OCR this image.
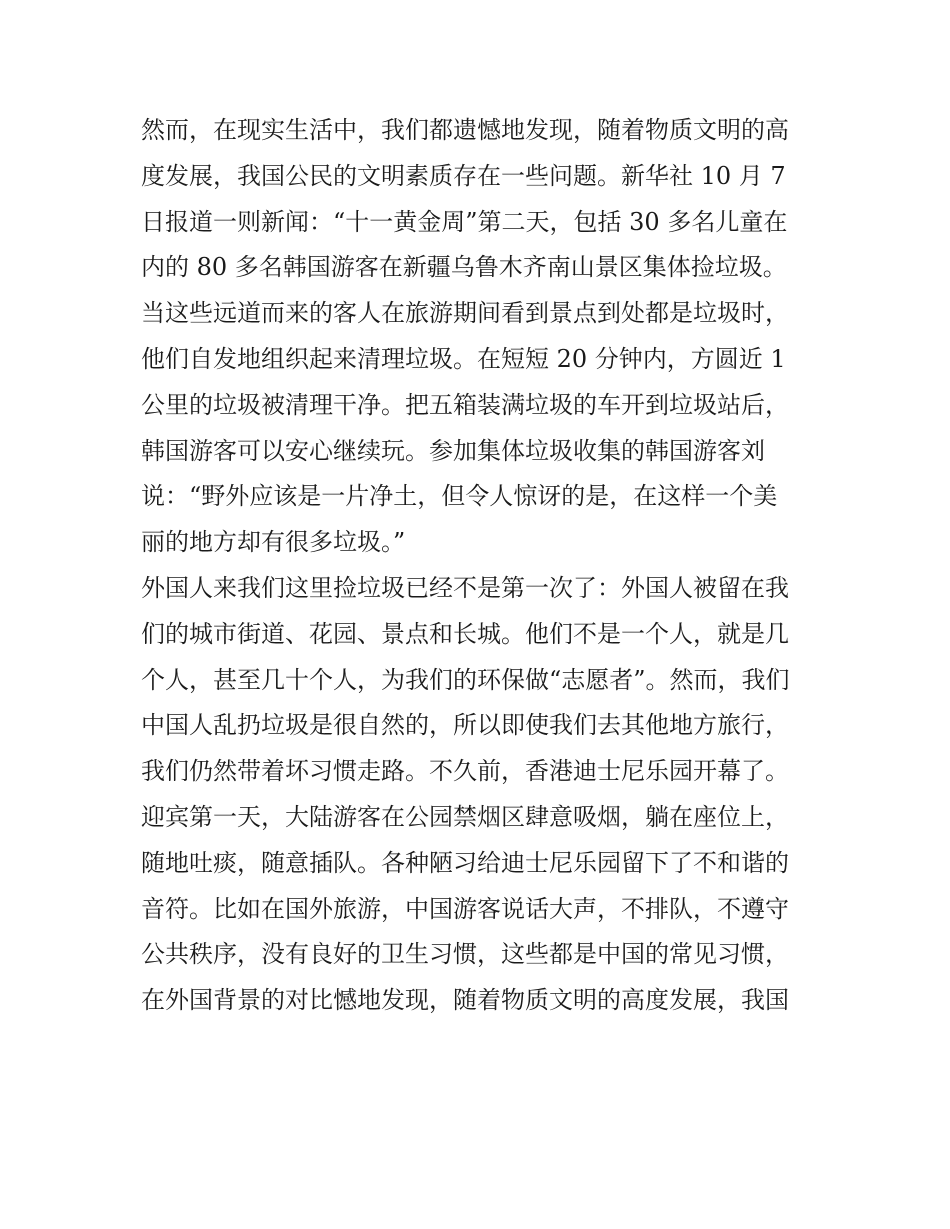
然而，在现实生活中，我们都遗憾地发现，随着物质文明的高
度发展，我国公民的文明素质存在一些问题。新华社 10 月 7
日报道一则新闻：“十一黄金周”第二天，包括 30 多名儿童在
内的 80 多名韩国游客在新疆乌鲁木齐南山景区集体捡垃圾。
当这些远道而来的客人在旅游期间看到景点到处都是垃圾时，
他们自发地组织起来清理垃圾。在短短 20 分钟内，方圆近 1
公里的垃圾被清理干净。把五箱装满垃圾的车开到垃圾站后，
韩国游客可以安心继续玩。参加集体垃圾收集的韩国游客刘
说：“野外应该是一片净土，但令人惊讶的是，在这样一个美
丽的地方却有很多垃圾。”
外国人来我们这里捡垃圾已经不是第一次了：外国人被留在我
们的城市街道、花园、景点和长城。他们不是一个人，就是几
个人，甚至几十个人，为我们的环保做“志愿者”。然而，我们
中国人乱扔垃圾是很自然的，所以即使我们去其他地方旅行，
我们仍然带着坏习惯走路。不久前，香港迪士尼乐园开幕了。
迎宾第一天，大陆游客在公园禁烟区肆意吸烟，躺在座位上，
随地吐痰，随意插队。各种陋习给迪士尼乐园留下了不和谐的
音符。比如在国外旅游，中国游客说话大声，不排队，不遵守
公共秩序，没有良好的卫生习惯，这些都是中国的常见习惯，
在外国背景的对比憾地发现，随着物质文明的高度发展，我国
